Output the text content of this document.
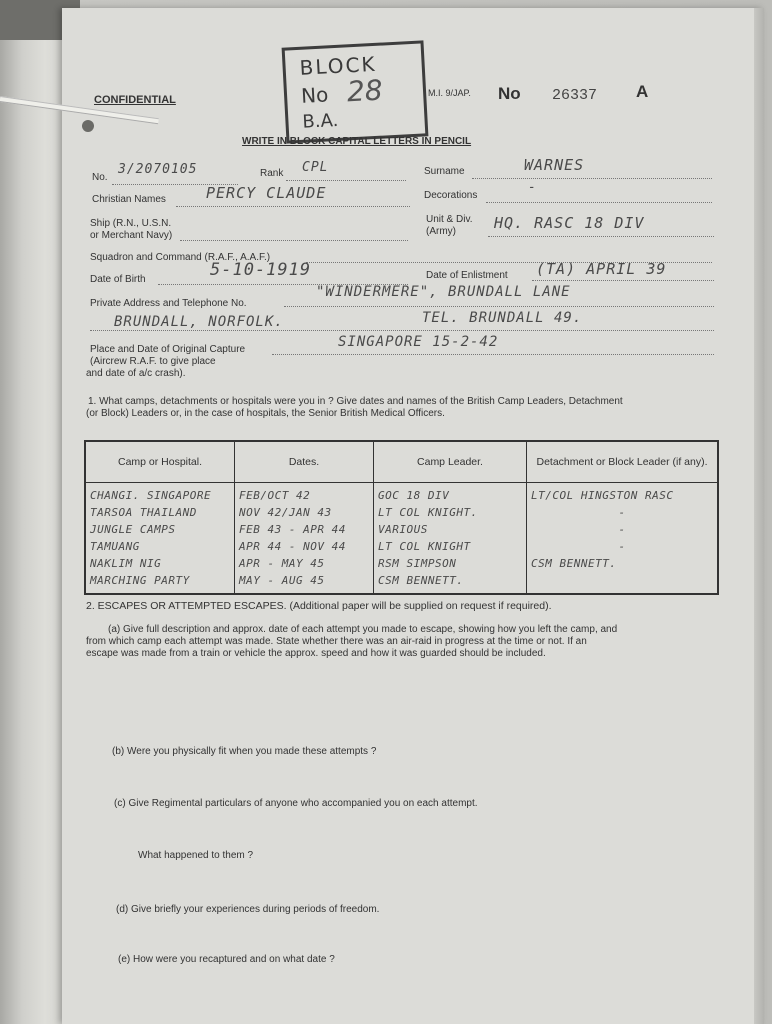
CONFIDENTIAL
M.I. 9/JAP. No 26337 A
BLOCK
No 28
B.A.
WRITE IN BLOCK CAPITAL LETTERS IN PENCIL
No.
3/2070105	Rank CPL	Surname	WARNES
Christian Names	PERCY CLAUDE	Decorations
-
Ship (R.N., U.S.N.
or Merchant Navy)
Unit & Div.
(Army)	HQ. RASC 18 DIV
Squadron and Command (R.A.F., A.A.F.)
Date of Birth	5-10-1919	Date of Enlistment (TA) APRIL 39
Private Address and Telephone No.
"WINDERMERE", BRUNDALL LANE
BRUNDALL, NORFOLK.	TEL. BRUNDALL 49.
Place and Date of Original Capture
(Aircrew R.A.F. to give place
and date of a/c crash).
SINGAPORE 15-2-42
1. What camps, detachments or hospitals were you in ? Give dates and names of the British Camp Leaders, Detachment
(or Block) Leaders or, in the case of hospitals, the Senior British Medical Officers.
Camp or Hospital.	Dates.	Camp Leader.	Detachment or Block Leader (if any).
CHANGI. SINGAPORE	FEB/OCT 42	GOC 18 DIV	LT/COL HINGSTON RASC
TARSOA THAILAND	NOV 42/JAN 43	LT COL KNIGHT.	-
JUNGLE CAMPS	FEB 43 - APR 44	VARIOUS	-
TAMUANG	APR 44 - NOV 44	LT COL KNIGHT	-
NAKLIM NIG	APR - MAY 45	RSM SIMPSON	CSM BENNETT.
MARCHING PARTY	MAY - AUG 45	CSM BENNETT.	
2. ESCAPES OR ATTEMPTED ESCAPES. (Additional paper will be supplied on request if required).
(a) Give full description and approx. date of each attempt you made to escape, showing how you left the camp, and
from which camp each attempt was made. State whether there was an air-raid in progress at the time or not. If an
escape was made from a train or vehicle the approx. speed and how it was guarded should be included.
(b) Were you physically fit when you made these attempts ?
(c) Give Regimental particulars of anyone who accompanied you on each attempt.
What happened to them ?
(d) Give briefly your experiences during periods of freedom.
(e) How were you recaptured and on what date ?
